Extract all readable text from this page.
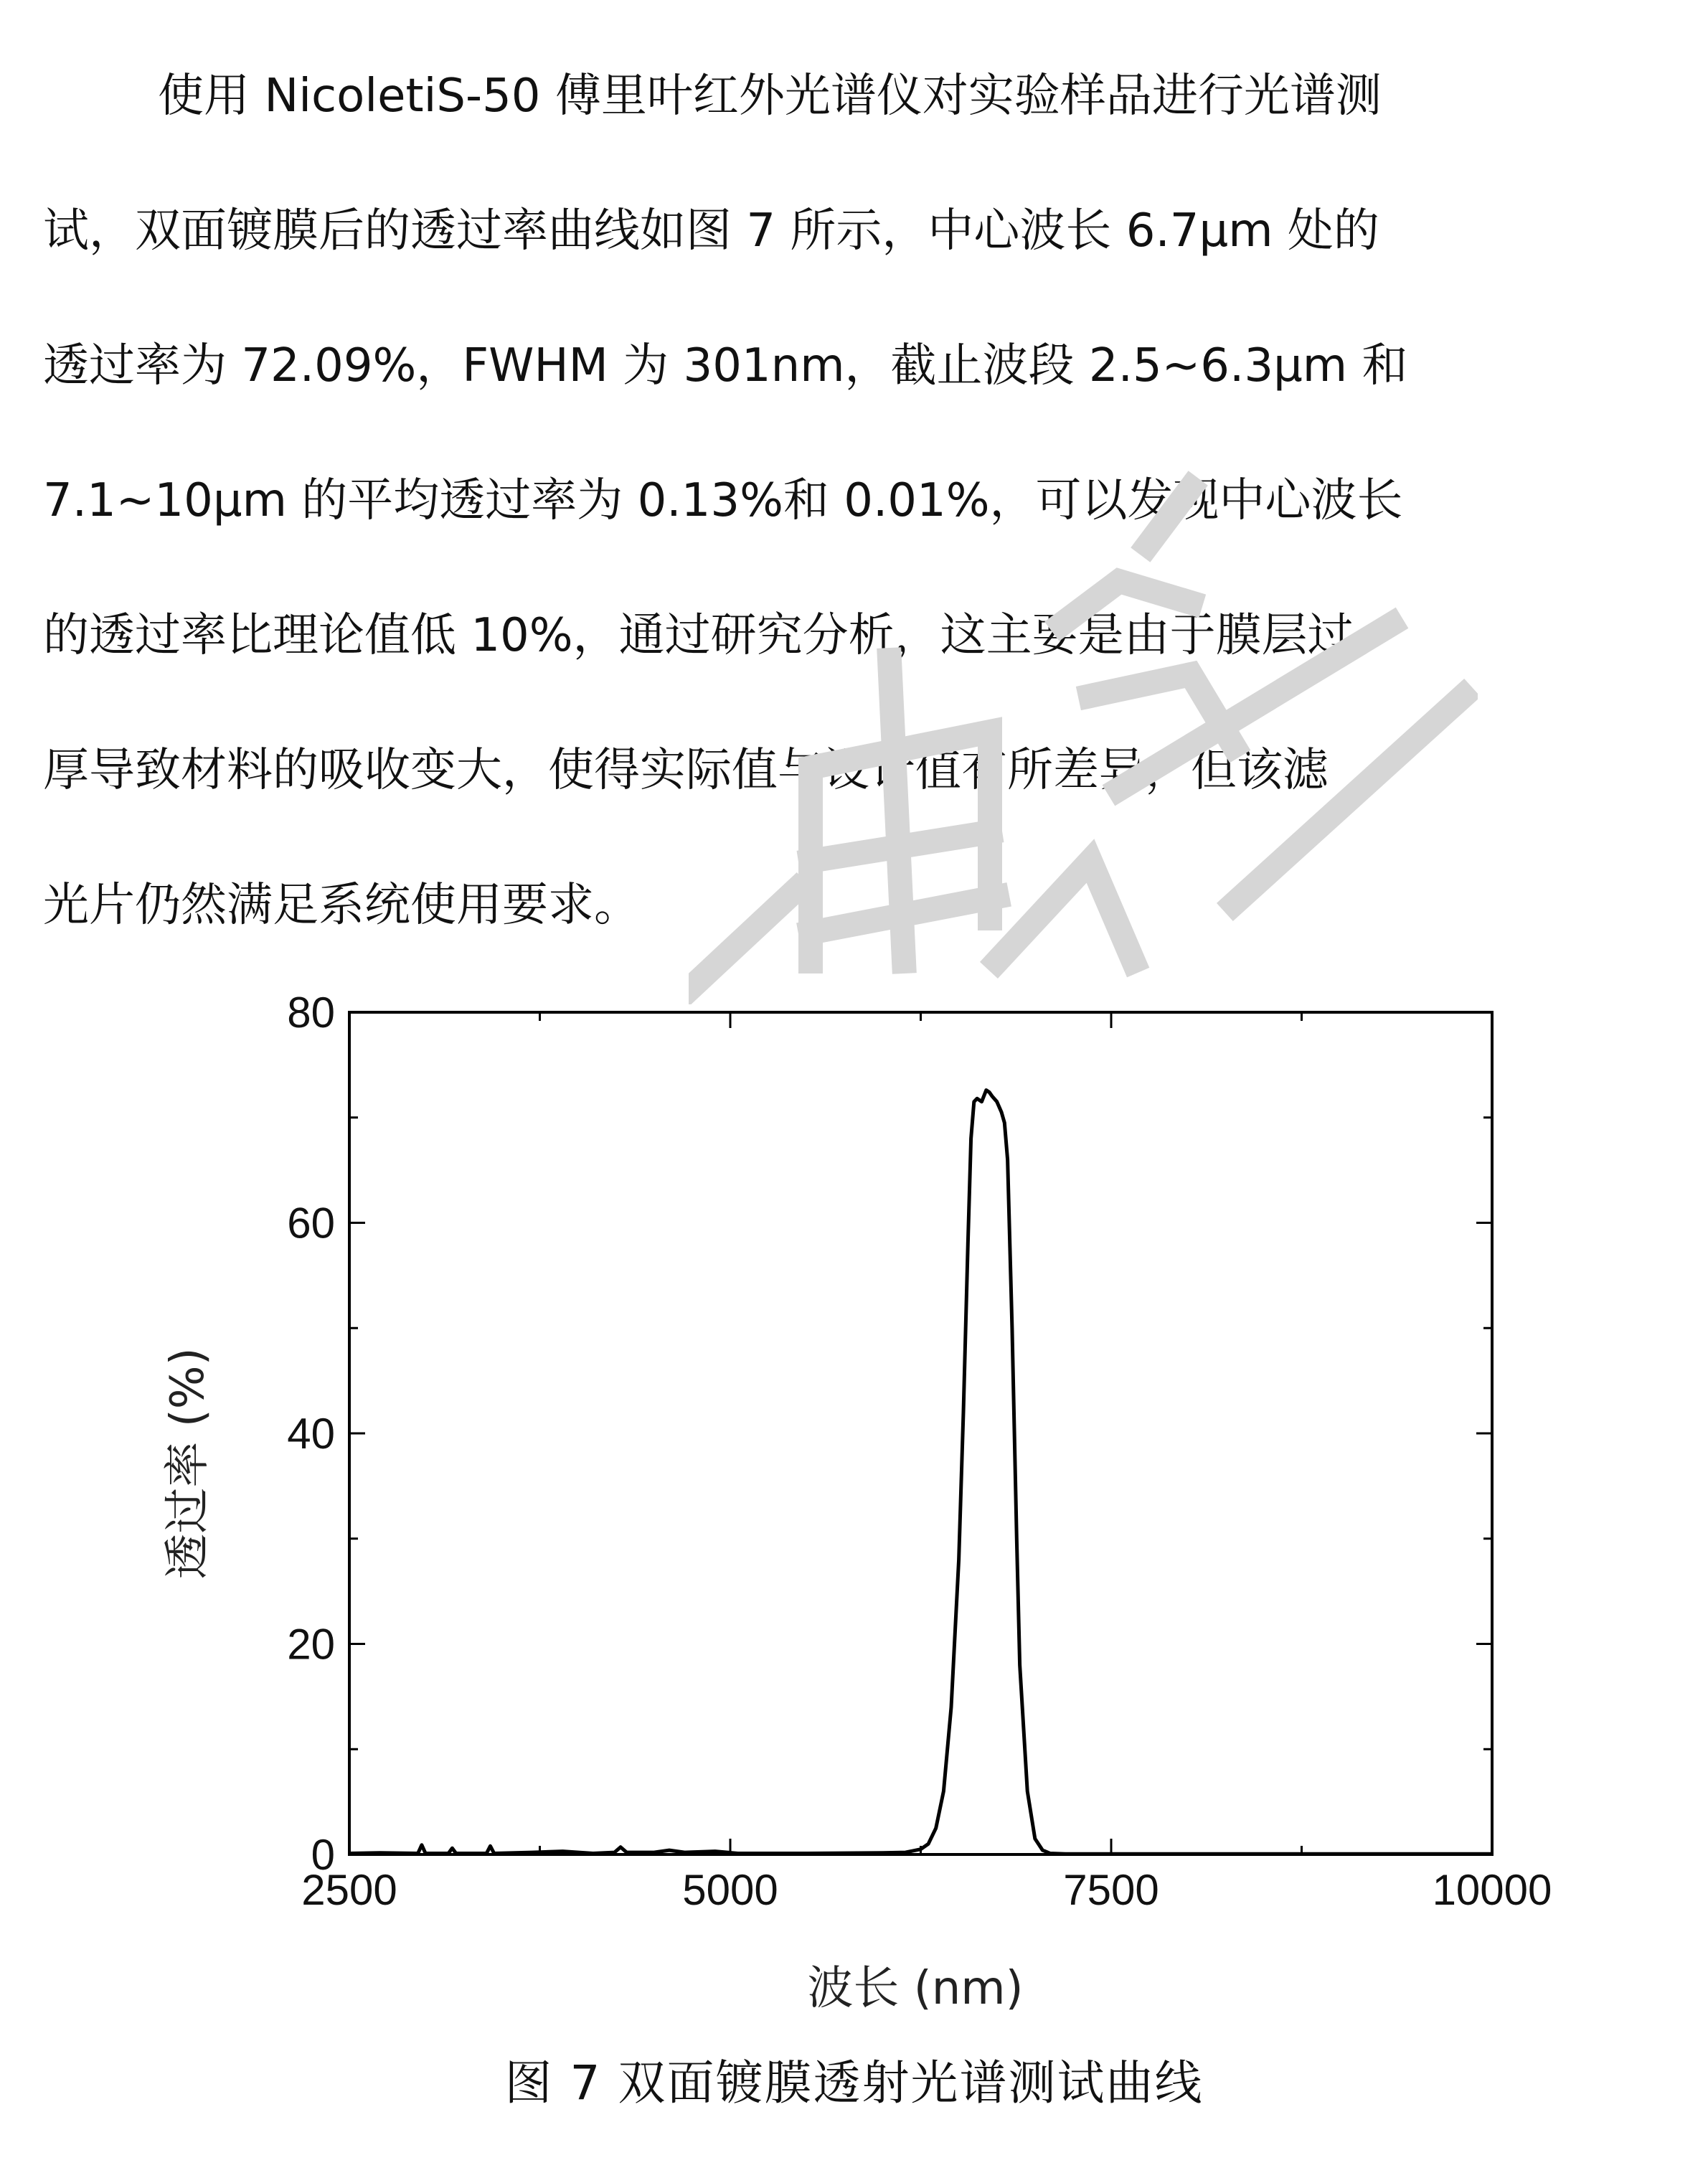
使用 NicoletiS-50 傅里叶红外光谱仪对实验样品进行光谱测
试，双面镀膜后的透过率曲线如图 7 所示，中心波长 6.7μm 处的
透过率为 72.09%，FWHM 为 301nm，截止波段 2.5~6.3μm 和
7.1~10μm 的平均透过率为 0.13%和 0.01%，可以发现中心波长
的透过率比理论值低 10%，通过研究分析，这主要是由于膜层过
厚导致材料的吸收变大，使得实际值与设计值有所差异，但该滤
光片仍然满足系统使用要求。
2500	5000	7500	10000
0
20
40
60
80
波长 (nm)
透过率 (%)
图 7 双面镀膜透射光谱测试曲线
